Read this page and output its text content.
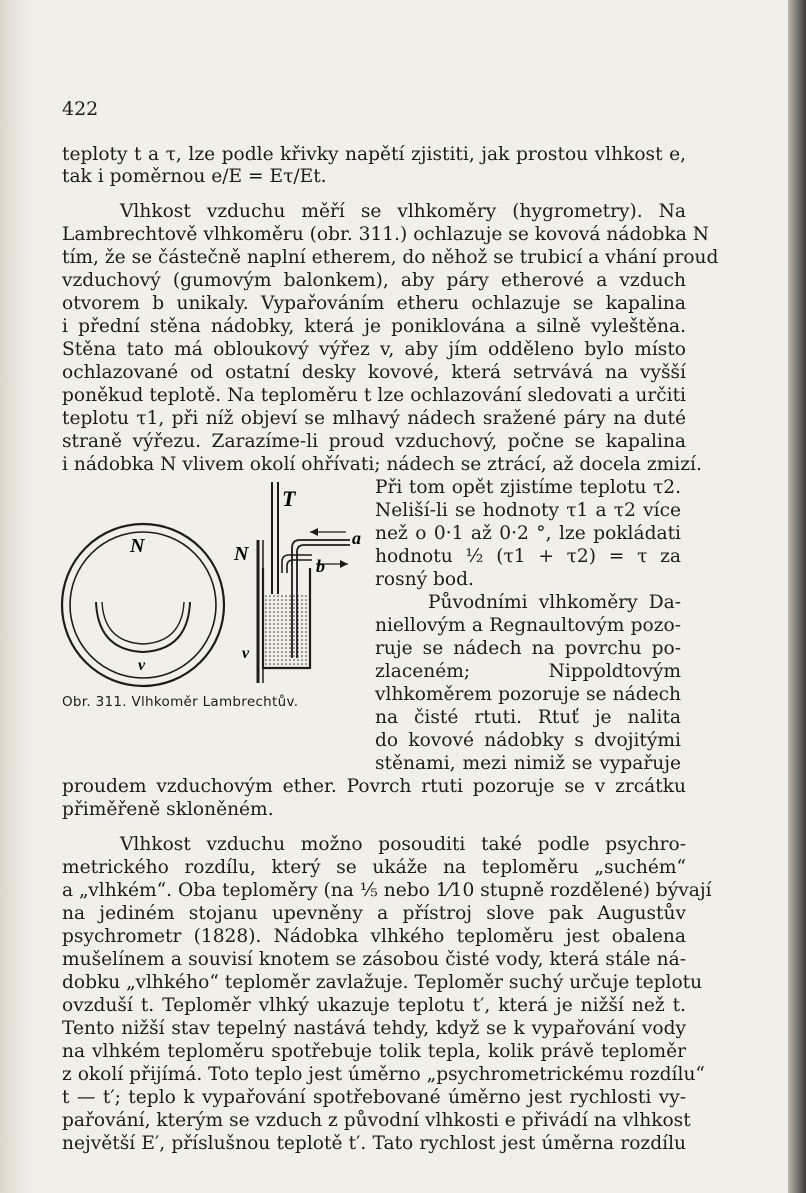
422
teploty t a τ, lze podle křivky napětí zjistiti, jak prostou vlhkost e,
tak i poměrnou e/E = Eτ/Et.
Vlhkost vzduchu měří se vlhkoměry (hygrometry). Na
Lambrechtově vlhkoměru (obr. 311.) ochlazuje se kovová nádobka N
tím, že se částečně naplní etherem, do něhož se trubicí a vhání proud
vzduchový (gumovým balonkem), aby páry etherové a vzduch
otvorem b unikaly. Vypařováním etheru ochlazuje se kapalina
i přední stěna nádobky, která je poniklována a silně vyleštěna.
Stěna tato má obloukový výřez v, aby jím odděleno bylo místo
ochlazované od ostatní desky kovové, která setrvává na vyšší
poněkud teplotě. Na teploměru t lze ochlazování sledovati a určiti
teplotu τ1, při níž objeví se mlhavý nádech sražené páry na duté
straně výřezu. Zarazíme-li proud vzduchový, počne se kapalina
i nádobka N vlivem okolí ohřívati; nádech se ztrácí, až docela zmizí.
Při tom opět zjistíme teplotu τ2.
Neliší-li se hodnoty τ1 a τ2 více
než o 0·1 až 0·2 °, lze pokládati
hodnotu ½ (τ1 + τ2) = τ za
rosný bod.
Původními vlhkoměry Da-
niellovým a Regnaultovým pozo-
ruje se nádech na povrchu po-
zlaceném; Nippoldtovým
vlhkoměrem pozoruje se nádech
na čisté rtuti. Rtuť je nalita
do kovové nádobky s dvojitými
stěnami, mezi nimiž se vypařuje
proudem vzduchovým ether. Povrch rtuti pozoruje se v zrcátku
přiměřeně skloněném.
Vlhkost vzduchu možno posouditi také podle psychro-
metrického rozdílu, který se ukáže na teploměru „suchém“
a „vlhkém“. Oba teploměry (na ⅕ nebo 1⁄10 stupně rozdělené) bývají
na jediném stojanu upevněny a přístroj slove pak Augustův
psychrometr (1828). Nádobka vlhkého teploměru jest obalena
mušelínem a souvisí knotem se zásobou čisté vody, která stále ná-
dobku „vlhkého“ teploměr zavlažuje. Teploměr suchý určuje teplotu
ovzduší t. Teploměr vlhký ukazuje teplotu t′, která je nižší než t.
Tento nižší stav tepelný nastává tehdy, když se k vypařování vody
na vlhkém teploměru spotřebuje tolik tepla, kolik právě teploměr
z okolí přijímá. Toto teplo jest úměrno „psychrometrickému rozdílu“
t — t′; teplo k vypařování spotřebované úměrno jest rychlosti vy-
pařování, kterým se vzduch z původní vlhkosti e přivádí na vlhkost
největší E′, příslušnou teplotě t′. Tato rychlost jest úměrna rozdílu
N
v
T
N
a
b
v
Obr. 311. Vlhkoměr Lambrechtův.
